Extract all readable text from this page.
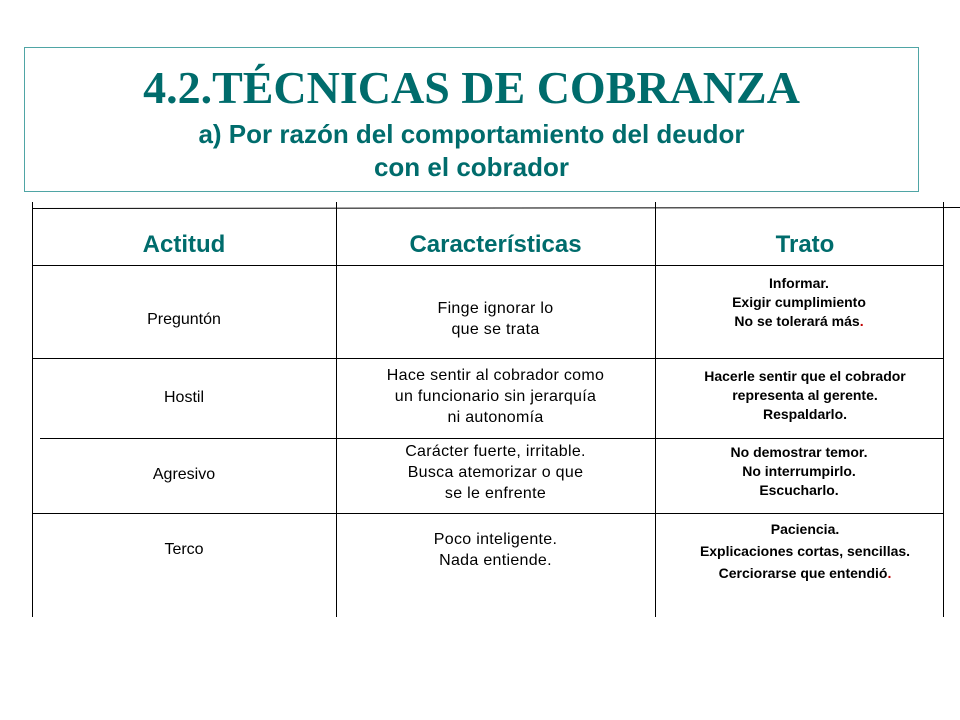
4.2.TÉCNICAS DE COBRANZA
a) Por razón del comportamiento del deudor
con el cobrador
Actitud	Características	Trato
Preguntón
Finge ignorar lo
que se trata
Informar.
Exigir cumplimiento
No se tolerará más.
Hostil
Hace sentir al cobrador como
un funcionario sin jerarquía
ni autonomía
Hacerle sentir que el cobrador
representa al gerente.
Respaldarlo.
Agresivo
Carácter fuerte, irritable.
Busca atemorizar o que
se le enfrente
No demostrar temor.
No interrumpirlo.
Escucharlo.
Terco
Poco inteligente.
Nada entiende.
Paciencia.
Explicaciones cortas, sencillas.
Cerciorarse que entendió.
